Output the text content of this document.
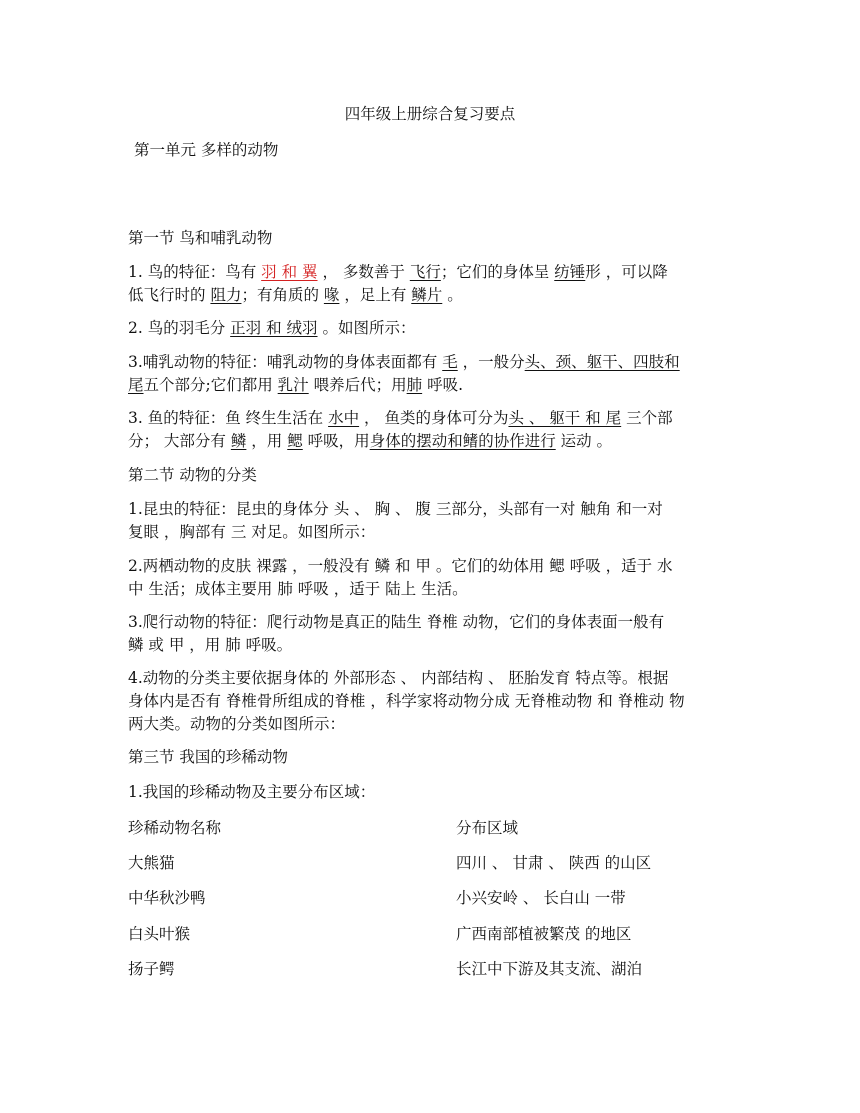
四年级上册综合复习要点
第一单元 多样的动物
第一节 鸟和哺乳动物
1. 鸟的特征：鸟有 羽 和 翼 ， 多数善于 飞行；它们的身体呈 纺锤形 ，可以降
低飞行时的 阻力；有角质的 喙 ，足上有 鳞片 。
2. 鸟的羽毛分 正羽 和 绒羽 。如图所示：
3.哺乳动物的特征：哺乳动物的身体表面都有 毛 ，一般分头、颈、躯干、四肢和
尾五个部分;它们都用 乳汁 喂养后代；用肺 呼吸.
3. 鱼的特征：鱼 终生生活在 水中 ， 鱼类的身体可分为头 、 躯干 和 尾 三个部
分； 大部分有 鳞 ，用 鳃 呼吸，用身体的摆动和鳍的协作进行 运动 。
第二节 动物的分类
1.昆虫的特征：昆虫的身体分 头 、 胸 、 腹 三部分，头部有一对 触角 和一对
复眼 ，胸部有 三 对足。如图所示：
2.两栖动物的皮肤 裸露 ，一般没有 鳞 和 甲 。它们的幼体用 鳃 呼吸 ，适于 水
中 生活；成体主要用 肺 呼吸 ，适于 陆上 生活。
3.爬行动物的特征：爬行动物是真正的陆生 脊椎 动物，它们的身体表面一般有
鳞 或 甲 ，用 肺 呼吸。
4.动物的分类主要依据身体的 外部形态 、 内部结构 、 胚胎发育 特点等。根据
身体内是否有 脊椎骨所组成的脊椎 ，科学家将动物分成 无脊椎动物 和 脊椎动 物
两大类。动物的分类如图所示：
第三节 我国的珍稀动物
1.我国的珍稀动物及主要分布区域：
珍稀动物名称	分布区域
大熊猫	四川 、 甘肃 、 陕西 的山区
中华秋沙鸭	小兴安岭 、 长白山 一带
白头叶猴	广西南部植被繁茂 的地区
扬子鳄	长江中下游及其支流、湖泊
